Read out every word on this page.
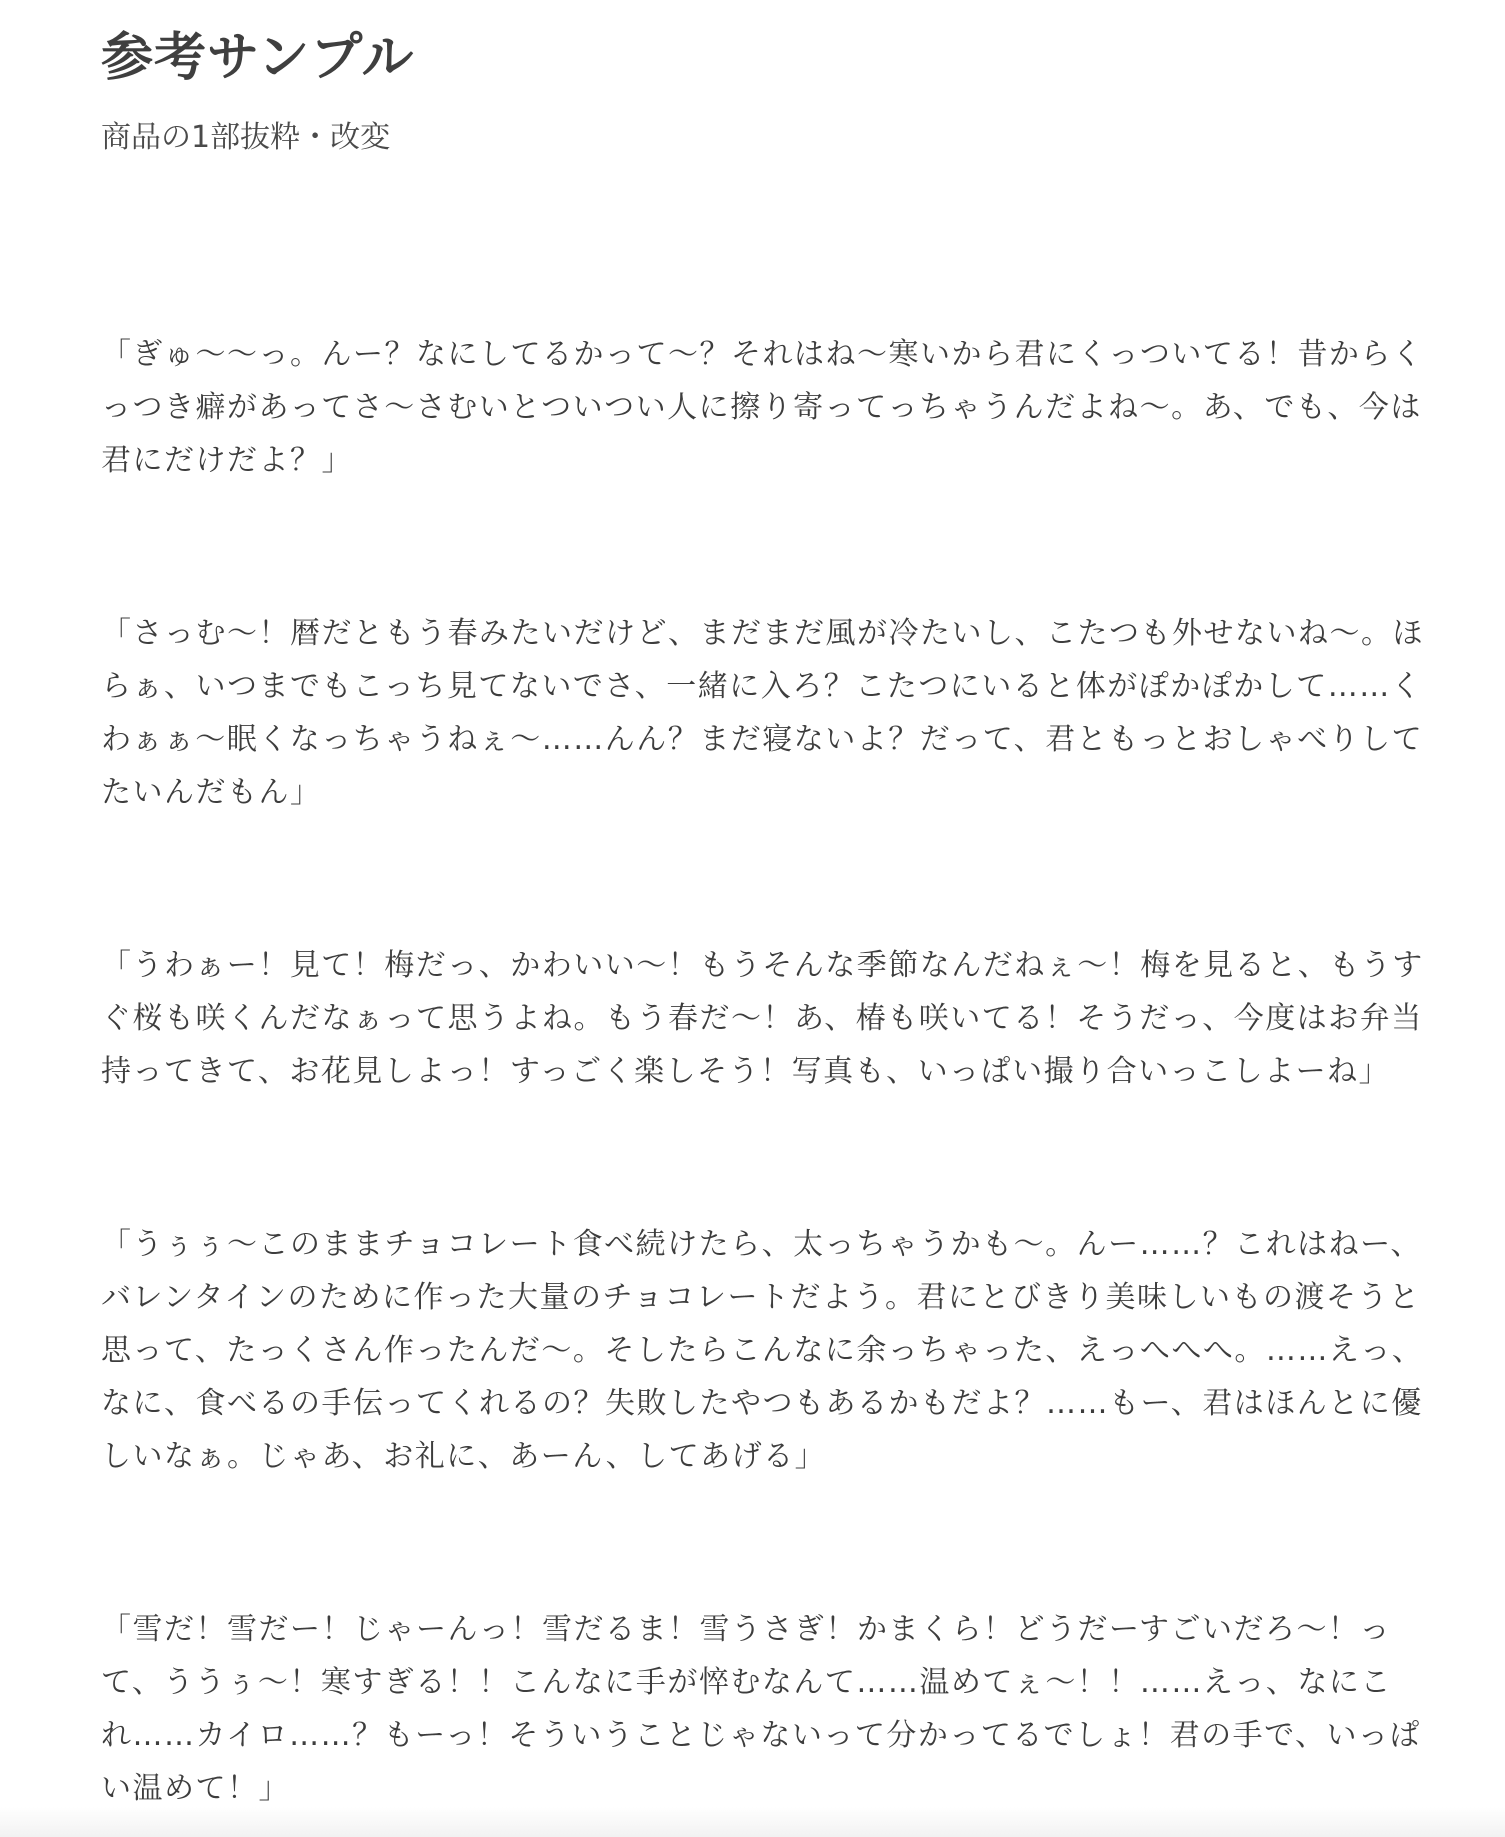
参考サンプル

商品の1部抜粋・改変

「ぎゅ〜〜っ。んー？なにしてるかって〜？それはね〜寒いから君にくっついてる！昔からくっつき癖があってさ〜さむいとついつい人に擦り寄ってっちゃうんだよね〜。あ、でも、今は君にだけだよ？」

「さっむ〜！暦だともう春みたいだけど、まだまだ風が冷たいし、こたつも外せないね〜。ほらぁ、いつまでもこっち見てないでさ、一緒に入ろ？こたつにいると体がぽかぽかして……くわぁぁ〜眠くなっちゃうねぇ〜……んん？まだ寝ないよ？だって、君ともっとおしゃべりしてたいんだもん」

「うわぁー！見て！梅だっ、かわいい〜！もうそんな季節なんだねぇ〜！梅を見ると、もうすぐ桜も咲くんだなぁって思うよね。もう春だ〜！あ、椿も咲いてる！そうだっ、今度はお弁当持ってきて、お花見しよっ！すっごく楽しそう！写真も、いっぱい撮り合いっこしよーね」

「うぅぅ〜このままチョコレート食べ続けたら、太っちゃうかも〜。んー……？これはねー、バレンタインのために作った大量のチョコレートだよう。君にとびきり美味しいもの渡そうと思って、たっくさん作ったんだ〜。そしたらこんなに余っちゃった、えっへへへ。……えっ、なに、食べるの手伝ってくれるの？失敗したやつもあるかもだよ？……もー、君はほんとに優しいなぁ。じゃあ、お礼に、あーん、してあげる」

「雪だ！雪だー！じゃーんっ！雪だるま！雪うさぎ！かまくら！どうだーすごいだろ〜！って、ううぅ〜！寒すぎる！！こんなに手が悴むなんて……温めてぇ〜！！……えっ、なにこれ……カイロ……？もーっ！そういうことじゃないって分かってるでしょ！君の手で、いっぱい温めて！」
